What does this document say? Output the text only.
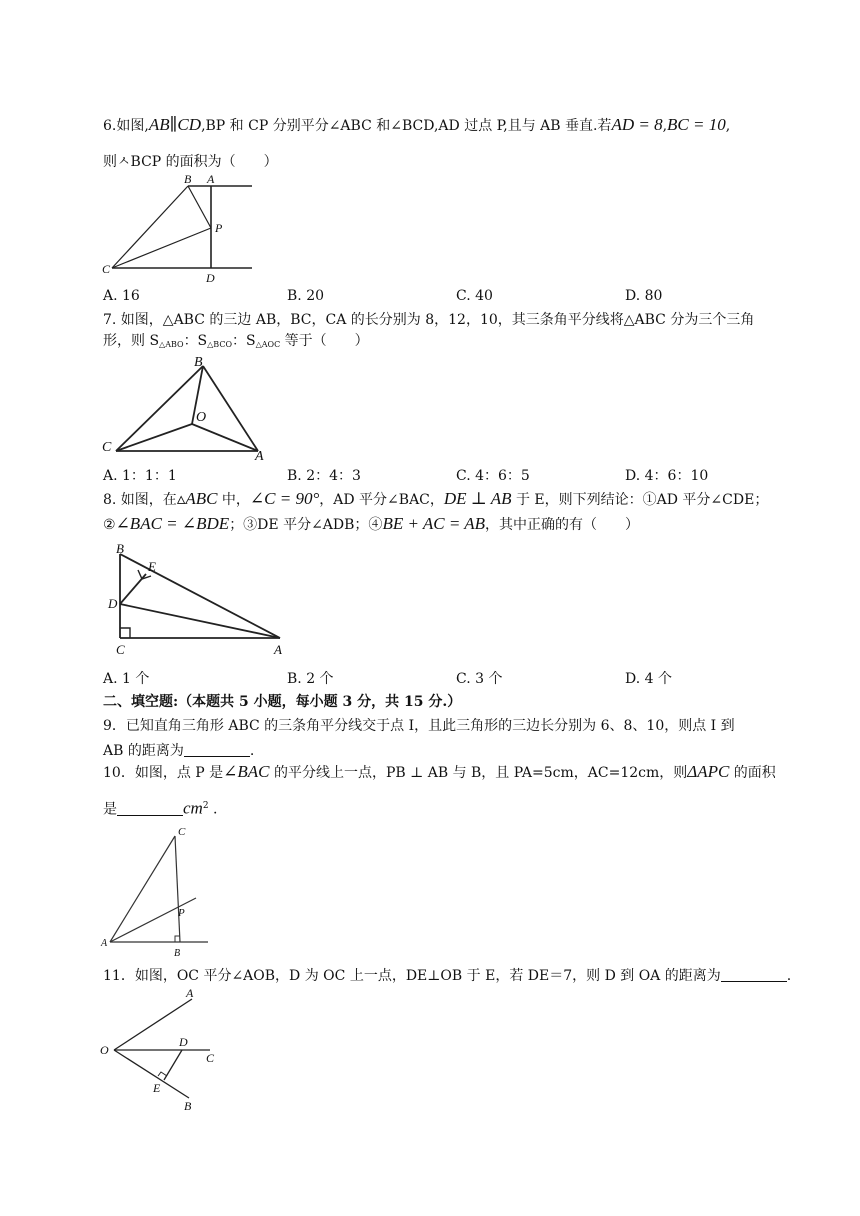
6.如图,AB∥CD,BP 和 CP 分别平分∠ABC 和∠BCD,AD 过点 P,且与 AB 垂直.若AD = 8,BC = 10,
则ㅅBCP 的面积为（　　）
B A
P
C
D
A. 16	B. 20	C. 40	D. 80
7. 如图，△ABC 的三边 AB，BC，CA 的长分别为 8，12，10，其三条角平分线将△ABC 分为三个三角
形，则 $S_{\triangle ABO}$：$S_{\triangle BCO}$：$S_{\triangle AOC}$ 等于（　　）
B
O
C
A
A. 1：1：1	B. 2：4：3	C. 4：6：5	D. 4：6：10
8. 如图，在▵ABC 中，∠C = 90°，AD 平分∠BAC，DE ⊥ AB 于 E，则下列结论：①AD 平分∠CDE；
②∠BAC = ∠BDE；③DE 平分∠ADB；④BE + AC = AB，其中正确的有（　　）
B
E
D
C	A
A. 1 个	B. 2 个	C. 3 个	D. 4 个
二、填空题:（本题共 5 小题，每小题 3 分，共 15 分.）
9．已知直角三角形 ABC 的三条角平分线交于点 I，且此三角形的三边长分别为 6、8、10，则点 I 到
AB 的距离为	.
10．如图，点 P 是∠BAC 的平分线上一点，PB ⊥ AB 与 B，且 PA=5cm，AC=12cm，则ΔAPC 的面积
是	$cm^2$ .
C
P
A
B
11．如图，OC 平分∠AOB，D 为 OC 上一点，DE⊥OB 于 E，若 DE＝7，则 D 到 OA 的距离为	.
A
O
D
C
E
B
